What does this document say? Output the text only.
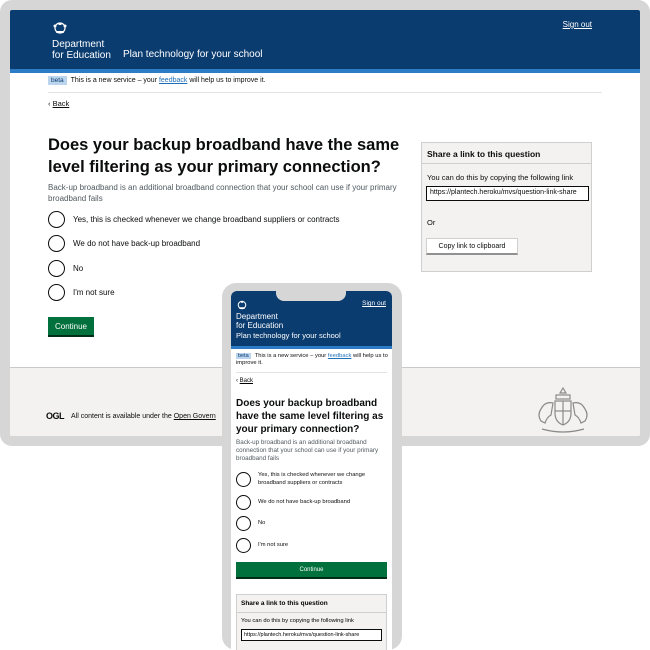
Department
for Education Plan technology for your school
Sign out
beta This is a new service – your feedback will help us to improve it.
‹ Back
Does your backup broadband have the same level filtering as your primary connection?
Back-up broadband is an additional broadband connection that your school can use if your primary broadband fails
Yes, this is checked whenever we change broadband suppliers or contracts
We do not have back-up broadband
No
I'm not sure
Continue
Share a link to this question
You can do this by copying the following link
https://plantech.heroku/mvs/question-link-share
Or
Copy link to clipboard
OGL All content is available under the Open Govern
Department
for Education
Plan technology for your school
Sign out
beta This is a new service – your feedback will help us to improve it.
‹ Back
Does your backup broadband have the same level filtering as your primary connection?
Back-up broadband is an additional broadband connection that your school can use if your primary broadband fails
Yes, this is checked whenever we change broadband suppliers or contracts
We do not have back-up broadband
No
I'm not sure
Continue
Share a link to this question
You can do this by copying the following link
https://plantech.heroku/mvs/question-link-share
